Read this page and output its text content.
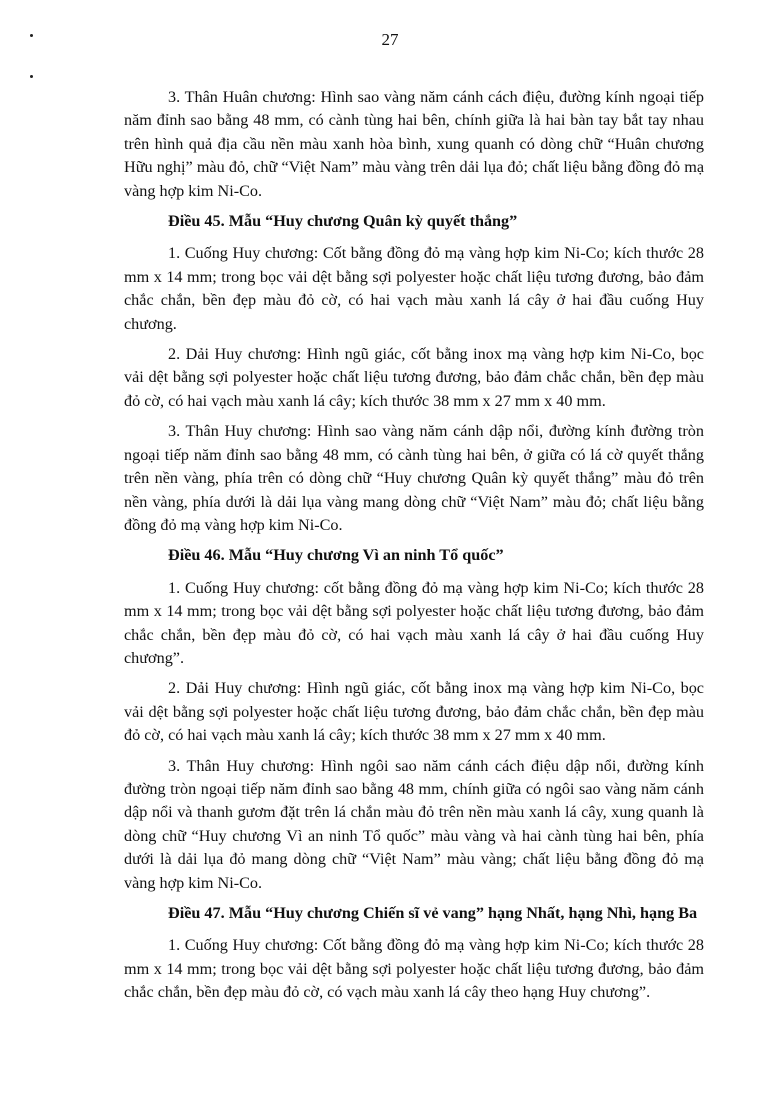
27

3. Thân Huân chương: Hình sao vàng năm cánh cách điệu, đường kính ngoại tiếp năm đỉnh sao bằng 48 mm, có cành tùng hai bên, chính giữa là hai bàn tay bắt tay nhau trên hình quả địa cầu nền màu xanh hòa bình, xung quanh có dòng chữ “Huân chương Hữu nghị” màu đỏ, chữ “Việt Nam” màu vàng trên dải lụa đỏ; chất liệu bằng đồng đỏ mạ vàng hợp kim Ni-Co.

Điều 45. Mẫu “Huy chương Quân kỳ quyết thắng”

1. Cuống Huy chương: Cốt bằng đồng đỏ mạ vàng hợp kim Ni-Co; kích thước 28 mm x 14 mm; trong bọc vải dệt bằng sợi polyester hoặc chất liệu tương đương, bảo đảm chắc chắn, bền đẹp màu đỏ cờ, có hai vạch màu xanh lá cây ở hai đầu cuống Huy chương.

2. Dải Huy chương: Hình ngũ giác, cốt bằng inox mạ vàng hợp kim Ni-Co, bọc vải dệt bằng sợi polyester hoặc chất liệu tương đương, bảo đảm chắc chắn, bền đẹp màu đỏ cờ, có hai vạch màu xanh lá cây; kích thước 38 mm x 27 mm x 40 mm.

3. Thân Huy chương: Hình sao vàng năm cánh dập nổi, đường kính đường tròn ngoại tiếp năm đỉnh sao bằng 48 mm, có cành tùng hai bên, ở giữa có lá cờ quyết thắng trên nền vàng, phía trên có dòng chữ “Huy chương Quân kỳ quyết thắng” màu đỏ trên nền vàng, phía dưới là dải lụa vàng mang dòng chữ “Việt Nam” màu đỏ; chất liệu bằng đồng đỏ mạ vàng hợp kim Ni-Co.

Điều 46. Mẫu “Huy chương Vì an ninh Tổ quốc”

1. Cuống Huy chương: cốt bằng đồng đỏ mạ vàng hợp kim Ni-Co; kích thước 28 mm x 14 mm; trong bọc vải dệt bằng sợi polyester hoặc chất liệu tương đương, bảo đảm chắc chắn, bền đẹp màu đỏ cờ, có hai vạch màu xanh lá cây ở hai đầu cuống Huy chương”.

2. Dải Huy chương: Hình ngũ giác, cốt bằng inox mạ vàng hợp kim Ni-Co, bọc vải dệt bằng sợi polyester hoặc chất liệu tương đương, bảo đảm chắc chắn, bền đẹp màu đỏ cờ, có hai vạch màu xanh lá cây; kích thước 38 mm x 27 mm x 40 mm.

3. Thân Huy chương: Hình ngôi sao năm cánh cách điệu dập nổi, đường kính đường tròn ngoại tiếp năm đỉnh sao bằng 48 mm, chính giữa có ngôi sao vàng năm cánh dập nổi và thanh gươm đặt trên lá chắn màu đỏ trên nền màu xanh lá cây, xung quanh là dòng chữ “Huy chương Vì an ninh Tổ quốc” màu vàng và hai cành tùng hai bên, phía dưới là dải lụa đỏ mang dòng chữ “Việt Nam” màu vàng; chất liệu bằng đồng đỏ mạ vàng hợp kim Ni-Co.

Điều 47. Mẫu “Huy chương Chiến sĩ vẻ vang” hạng Nhất, hạng Nhì, hạng Ba

1. Cuống Huy chương: Cốt bằng đồng đỏ mạ vàng hợp kim Ni-Co; kích thước 28 mm x 14 mm; trong bọc vải dệt bằng sợi polyester hoặc chất liệu tương đương, bảo đảm chắc chắn, bền đẹp màu đỏ cờ, có vạch màu xanh lá cây theo hạng Huy chương”.
